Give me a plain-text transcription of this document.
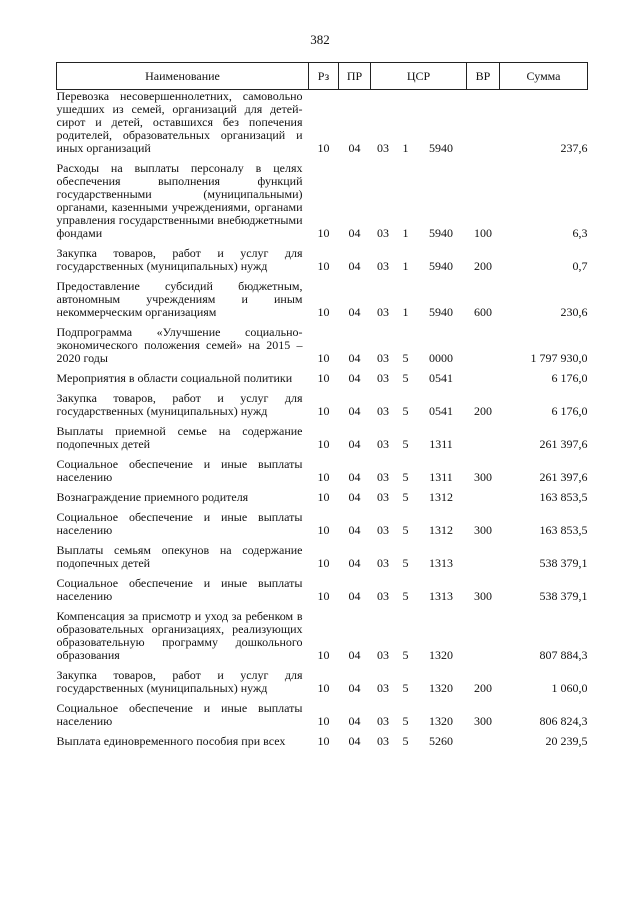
382
Наименование	Рз	ПР	ЦСР			ВР	Сумма
Перевозка несовершеннолетних, самовольно ушедших из семей, организаций для детей-сирот и детей, оставшихся без попечения родителей, образовательных организаций и иных организаций	10	04	03	1	5940		237,6
Расходы на выплаты персоналу в целях обеспечения выполнения функций государственными (муниципальными) органами, казенными учреждениями, органами управления государственными внебюджетными фондами	10	04	03	1	5940	100	6,3
Закупка товаров, работ и услуг для государственных (муниципальных) нужд	10	04	03	1	5940	200	0,7
Предоставление субсидий бюджетным, автономным учреждениям и иным некоммерческим организациям	10	04	03	1	5940	600	230,6
Подпрограмма «Улучшение социально-экономического положения семей» на 2015 – 2020 годы	10	04	03	5	0000		1 797 930,0
Мероприятия в области социальной политики	10	04	03	5	0541		6 176,0
Закупка товаров, работ и услуг для государственных (муниципальных) нужд	10	04	03	5	0541	200	6 176,0
Выплаты приемной семье на содержание подопечных детей	10	04	03	5	1311		261 397,6
Социальное обеспечение и иные выплаты населению	10	04	03	5	1311	300	261 397,6
Вознаграждение приемного родителя	10	04	03	5	1312		163 853,5
Социальное обеспечение и иные выплаты населению	10	04	03	5	1312	300	163 853,5
Выплаты семьям опекунов на содержание подопечных детей	10	04	03	5	1313		538 379,1
Социальное обеспечение и иные выплаты населению	10	04	03	5	1313	300	538 379,1
Компенсация за присмотр и уход за ребенком в образовательных организациях, реализующих образовательную программу дошкольного образования	10	04	03	5	1320		807 884,3
Закупка товаров, работ и услуг для государственных (муниципальных) нужд	10	04	03	5	1320	200	1 060,0
Социальное обеспечение и иные выплаты населению	10	04	03	5	1320	300	806 824,3
Выплата единовременного пособия при всех	10	04	03	5	5260		20 239,5
